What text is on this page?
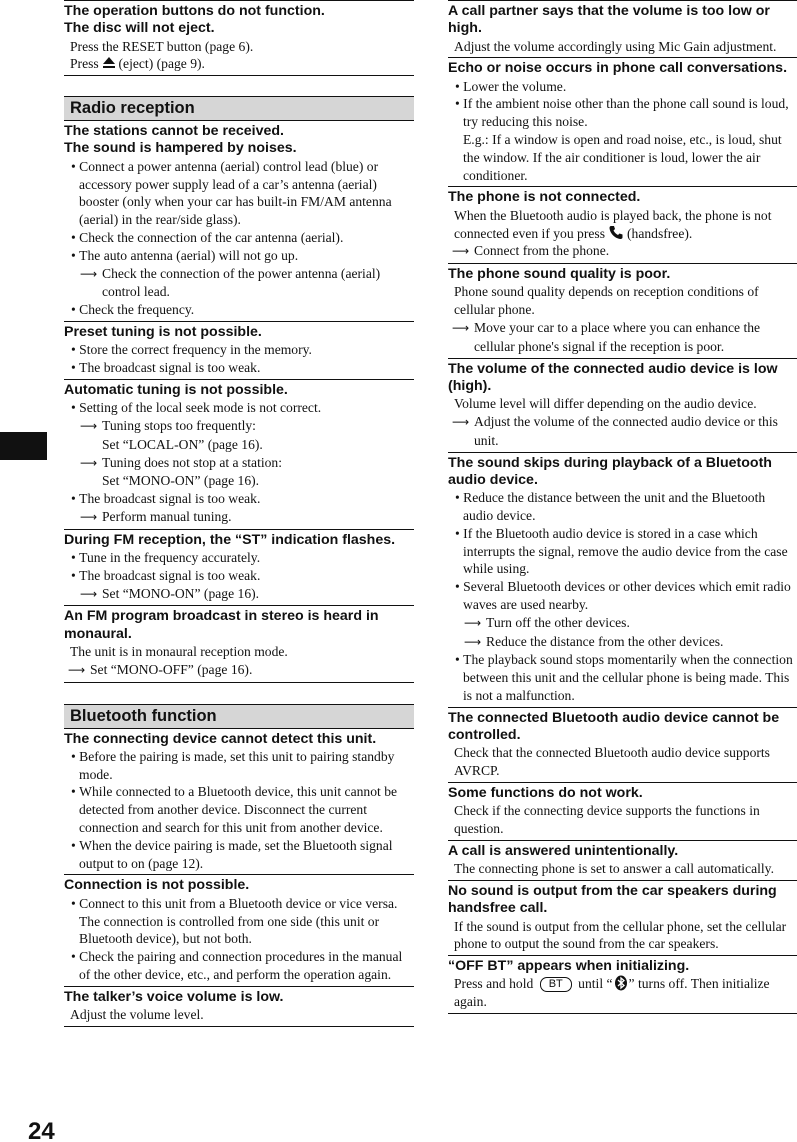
24
The operation buttons do not function.
The disc will not eject.
Press the RESET button (page 6).
Press (eject) (page 9).
Radio reception
The stations cannot be received.
The sound is hampered by noises.
• Connect a power antenna (aerial) control lead (blue) or accessory power supply lead of a car’s antenna (aerial) booster (only when your car has built-in FM/AM antenna (aerial) in the rear/side glass).
• Check the connection of the car antenna (aerial).
• The auto antenna (aerial) will not go up.
⟶ Check the connection of the power antenna (aerial) control lead.
• Check the frequency.
Preset tuning is not possible.
• Store the correct frequency in the memory.
• The broadcast signal is too weak.
Automatic tuning is not possible.
• Setting of the local seek mode is not correct.
⟶ Tuning stops too frequently:
Set “LOCAL-ON” (page 16).
⟶ Tuning does not stop at a station:
Set “MONO-ON” (page 16).
• The broadcast signal is too weak.
⟶ Perform manual tuning.
During FM reception, the “ST” indication flashes.
• Tune in the frequency accurately.
• The broadcast signal is too weak.
⟶ Set “MONO-ON” (page 16).
An FM program broadcast in stereo is heard in monaural.
The unit is in monaural reception mode.
⟶ Set “MONO-OFF” (page 16).
Bluetooth function
The connecting device cannot detect this unit.
• Before the pairing is made, set this unit to pairing standby mode.
• While connected to a Bluetooth device, this unit cannot be detected from another device. Disconnect the current connection and search for this unit from another device.
• When the device pairing is made, set the Bluetooth signal output to on (page 12).
Connection is not possible.
• Connect to this unit from a Bluetooth device or vice versa. The connection is controlled from one side (this unit or Bluetooth device), but not both.
• Check the pairing and connection procedures in the manual of the other device, etc., and perform the operation again.
The talker’s voice volume is low.
Adjust the volume level.
A call partner says that the volume is too low or high.
Adjust the volume accordingly using Mic Gain adjustment.
Echo or noise occurs in phone call conversations.
• Lower the volume.
• If the ambient noise other than the phone call sound is loud, try reducing this noise.
E.g.: If a window is open and road noise, etc., is loud, shut the window. If the air conditioner is loud, lower the air conditioner.
The phone is not connected.
When the Bluetooth audio is played back, the phone is not connected even if you press (handsfree).
⟶ Connect from the phone.
The phone sound quality is poor.
Phone sound quality depends on reception conditions of cellular phone.
⟶ Move your car to a place where you can enhance the cellular phone's signal if the reception is poor.
The volume of the connected audio device is low (high).
Volume level will differ depending on the audio device.
⟶ Adjust the volume of the connected audio device or this unit.
The sound skips during playback of a Bluetooth audio device.
• Reduce the distance between the unit and the Bluetooth audio device.
• If the Bluetooth audio device is stored in a case which interrupts the signal, remove the audio device from the case while using.
• Several Bluetooth devices or other devices which emit radio waves are used nearby.
⟶ Turn off the other devices.
⟶ Reduce the distance from the other devices.
• The playback sound stops momentarily when the connection between this unit and the cellular phone is being made. This is not a malfunction.
The connected Bluetooth audio device cannot be controlled.
Check that the connected Bluetooth audio device supports AVRCP.
Some functions do not work.
Check if the connecting device supports the functions in question.
A call is answered unintentionally.
The connecting phone is set to answer a call automatically.
No sound is output from the car speakers during handsfree call.
If the sound is output from the cellular phone, set the cellular phone to output the sound from the car speakers.
“OFF BT” appears when initializing.
Press and hold BT until “ ” turns off. Then initialize again.
